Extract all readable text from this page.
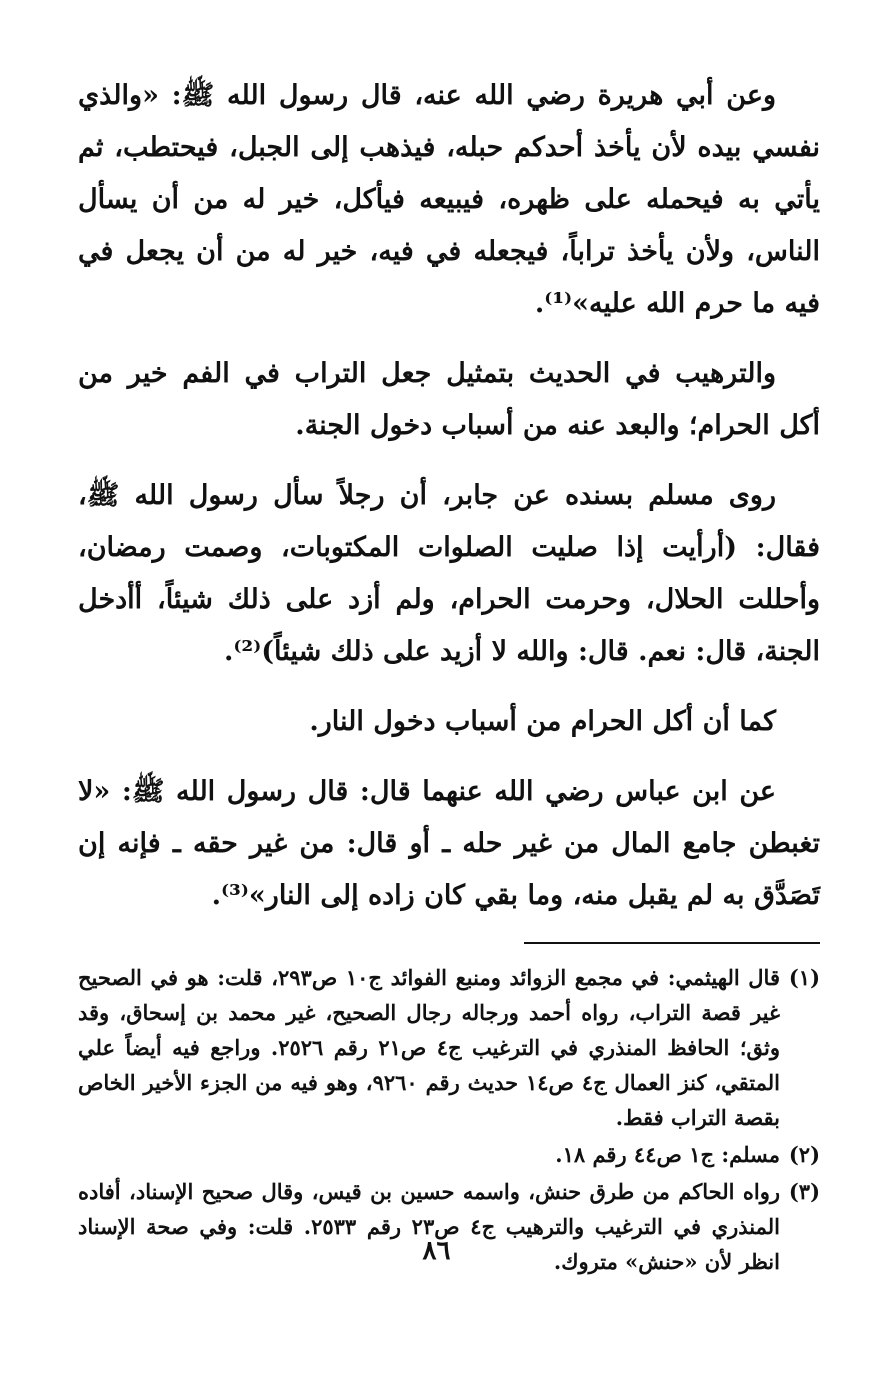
وعن أبي هريرة رضي الله عنه، قال رسول الله ﷺ: «والذي نفسي بيده لأن يأخذ أحدكم حبله، فيذهب إلى الجبل، فيحتطب، ثم يأتي به فيحمله على ظهره، فيبيعه فيأكل، خير له من أن يسأل الناس، ولأن يأخذ تراباً، فيجعله في فيه، خير له من أن يجعل في فيه ما حرم الله عليه»⁽¹⁾.

والترهيب في الحديث بتمثيل جعل التراب في الفم خير من أكل الحرام؛ والبعد عنه من أسباب دخول الجنة.

روى مسلم بسنده عن جابر، أن رجلاً سأل رسول الله ﷺ، فقال: (أرأيت إذا صليت الصلوات المكتوبات، وصمت رمضان، وأحللت الحلال، وحرمت الحرام، ولم أزد على ذلك شيئاً، أأدخل الجنة، قال: نعم. قال: والله لا أزيد على ذلك شيئاً)⁽²⁾.

كما أن أكل الحرام من أسباب دخول النار.

عن ابن عباس رضي الله عنهما قال: قال رسول الله ﷺ: «لا تغبطن جامع المال من غير حله ـ أو قال: من غير حقه ـ فإنه إن تَصَدَّق به لم يقبل منه، وما بقي كان زاده إلى النار»⁽³⁾.

(١)
قال الهيثمي: في مجمع الزوائد ومنبع الفوائد ج١٠ ص٢٩٣، قلت: هو في الصحيح غير قصة التراب، رواه أحمد ورجاله رجال الصحيح، غير محمد بن إسحاق، وقد وثق؛ الحافظ المنذري في الترغيب ج٤ ص٢١ رقم ٢٥٢٦. وراجع فيه أيضاً علي المتقي، كنز العمال ج٤ ص١٤ حديث رقم ٩٢٦٠، وهو فيه من الجزء الأخير الخاص بقصة التراب فقط.
(٢)
مسلم: ج١ ص٤٤ رقم ١٨.
(٣)
رواه الحاكم من طرق حنش، واسمه حسين بن قيس، وقال صحيح الإسناد، أفاده المنذري في الترغيب والترهيب ج٤ ص٢٣ رقم ٢٥٣٣. قلت: وفي صحة الإسناد انظر لأن «حنش» متروك.
٨٦
